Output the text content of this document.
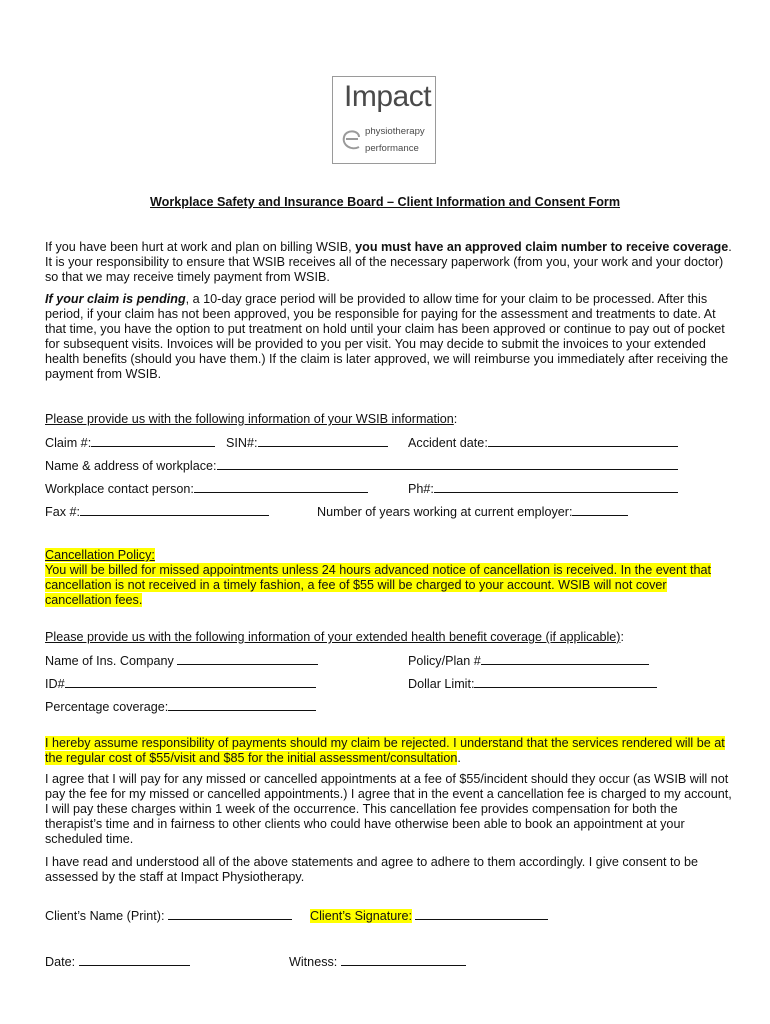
Impact
physiotherapy
performance
Workplace Safety and Insurance Board – Client Information and Consent Form
If you have been hurt at work and plan on billing WSIB, you must have an approved claim number to receive coverage. It is your responsibility to ensure that WSIB receives all of the necessary paperwork (from you, your work and your doctor) so that we may receive timely payment from WSIB.
If your claim is pending, a 10-day grace period will be provided to allow time for your claim to be processed. After this period, if your claim has not been approved, you be responsible for paying for the assessment and treatments to date. At that time, you have the option to put treatment on hold until your claim has been approved or continue to pay out of pocket for subsequent visits. Invoices will be provided to you per visit. You may decide to submit the invoices to your extended health benefits (should you have them.) If the claim is later approved, we will reimburse you immediately after receiving the payment from WSIB.
Please provide us with the following information of your WSIB information:
Claim #:	SIN#:	Accident date:
Name & address of workplace:
Workplace contact person:	Ph#:
Fax #:	Number of years working at current employer:
Cancellation Policy:
You will be billed for missed appointments unless 24 hours advanced notice of cancellation is received. In the event that cancellation is not received in a timely fashion, a fee of $55 will be charged to your account. WSIB will not cover cancellation fees.
Please provide us with the following information of your extended health benefit coverage (if applicable):
Name of Ins. Company	Policy/Plan #
ID#	Dollar Limit:
Percentage coverage:
I hereby assume responsibility of payments should my claim be rejected. I understand that the services rendered will be at the regular cost of $55/visit and $85 for the initial assessment/consultation.
I agree that I will pay for any missed or cancelled appointments at a fee of $55/incident should they occur (as WSIB will not pay the fee for my missed or cancelled appointments.) I agree that in the event a cancellation fee is charged to my account, I will pay these charges within 1 week of the occurrence. This cancellation fee provides compensation for both the therapist’s time and in fairness to other clients who could have otherwise been able to book an appointment at your scheduled time.
I have read and understood all of the above statements and agree to adhere to them accordingly. I give consent to be assessed by the staff at Impact Physiotherapy.
Client’s Name (Print):	Client’s Signature:
Date:	Witness:
